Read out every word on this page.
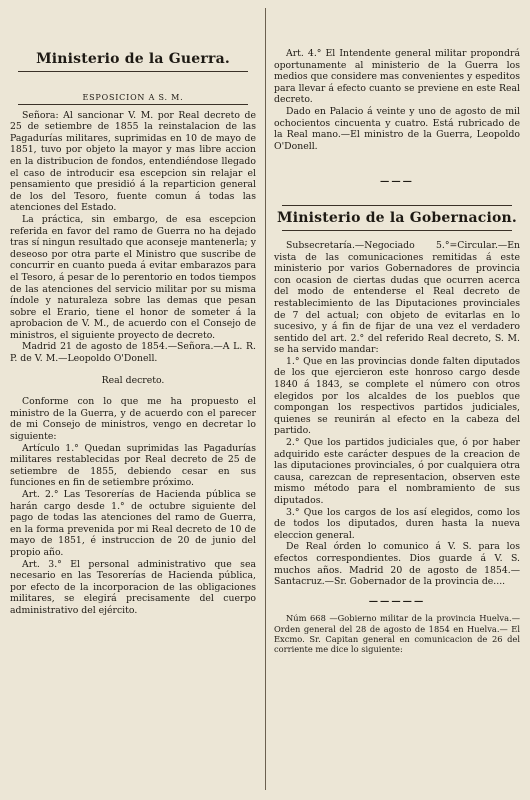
Ministerio de la Guerra.
ESPOSICION A S. M.

Señora: Al sancionar V. M. por Real decreto de 25 de setiembre de 1855 la reinstalacion de las Pagadurías militares, suprimidas en 10 de mayo de 1851, tuvo por objeto la mayor y mas libre accion en la distribucion de fondos, entendiéndose llegado el caso de introducir esa escepcion sin relajar el pensamiento que presidió á la reparticion general de los del Tesoro, fuente comun á todas las atenciones del Estado.

La práctica, sin embargo, de esa escepcion referida en favor del ramo de Guerra no ha dejado tras sí ningun resultado que aconseje mantenerla; y deseoso por otra parte el Ministro que suscribe de concurrir en cuanto pueda á evitar embarazos para el Tesoro, á pesar de lo perentorio en todos tiempos de las atenciones del servicio militar por su misma índole y naturaleza sobre las demas que pesan sobre el Erario, tiene el honor de someter á la aprobacion de V. M., de acuerdo con el Consejo de ministros, el siguiente proyecto de decreto.

Madrid 21 de agosto de 1854.—Señora.—A L. R. P. de V. M.—Leopoldo O'Donell.

Real decreto.

Conforme con lo que me ha propuesto el ministro de la Guerra, y de acuerdo con el parecer de mi Consejo de ministros, vengo en decretar lo siguiente:

Artículo 1.° Quedan suprimidas las Pagadurías militares restablecidas por Real decreto de 25 de setiembre de 1855, debiendo cesar en sus funciones en fin de setiembre próximo.

Art. 2.° Las Tesorerías de Hacienda pública se harán cargo desde 1.° de octubre siguiente del pago de todas las atenciones del ramo de Guerra, en la forma prevenida por mi Real decreto de 10 de mayo de 1851, é instruccion de 20 de junio del propio año.

Art. 3.° El personal administrativo que sea necesario en las Tesorerías de Hacienda pública, por efecto de la incorporacion de las obligaciones militares, se elegirá precisamente del cuerpo administrativo del ejército.

Art. 4.° El Intendente general militar propondrá oportunamente al ministerio de la Guerra los medios que considere mas convenientes y espeditos para llevar á efecto cuanto se previene en este Real decreto.

Dado en Palacio á veinte y uno de agosto de mil ochocientos cincuenta y cuatro. Está rubricado de la Real mano.—El ministro de la Guerra, Leopoldo O'Donell.

———
Ministerio de la Gobernacion.

Subsecretaría.—Negociado 5.°=Circular.—En vista de las comunicaciones remitidas á este ministerio por varios Gobernadores de provincia con ocasion de ciertas dudas que ocurren acerca del modo de entenderse el Real decreto de restablecimiento de las Diputaciones provinciales de 7 del actual; con objeto de evitarlas en lo sucesivo, y á fin de fijar de una vez el verdadero sentido del art. 2.° del referido Real decreto, S. M. se ha servido mandar:

1.° Que en las provincias donde falten diputados de los que ejercieron este honroso cargo desde 1840 á 1843, se complete el número con otros elegidos por los alcaldes de los pueblos que compongan los respectivos partidos judiciales, quienes se reunirán al efecto en la cabeza del partido.

2.° Que los partidos judiciales que, ó por haber adquirido este carácter despues de la creacion de las diputaciones provinciales, ó por cualquiera otra causa, carezcan de representacion, observen este mismo método para el nombramiento de sus diputados.

3.° Que los cargos de los así elegidos, como los de todos los diputados, duren hasta la nueva eleccion general.

De Real órden lo comunico á V. S. para los efectos correspondientes. Dios guarde á V. S. muchos años. Madrid 20 de agosto de 1854.—Santacruz.—Sr. Gobernador de la provincia de....

—————

Núm 668 —Gobierno militar de la provincia Huelva.— Orden general del 28 de agosto de 1854 en Huelva.— El Excmo. Sr. Capitan general en comunicacion de 26 del corriente me dice lo siguiente:
